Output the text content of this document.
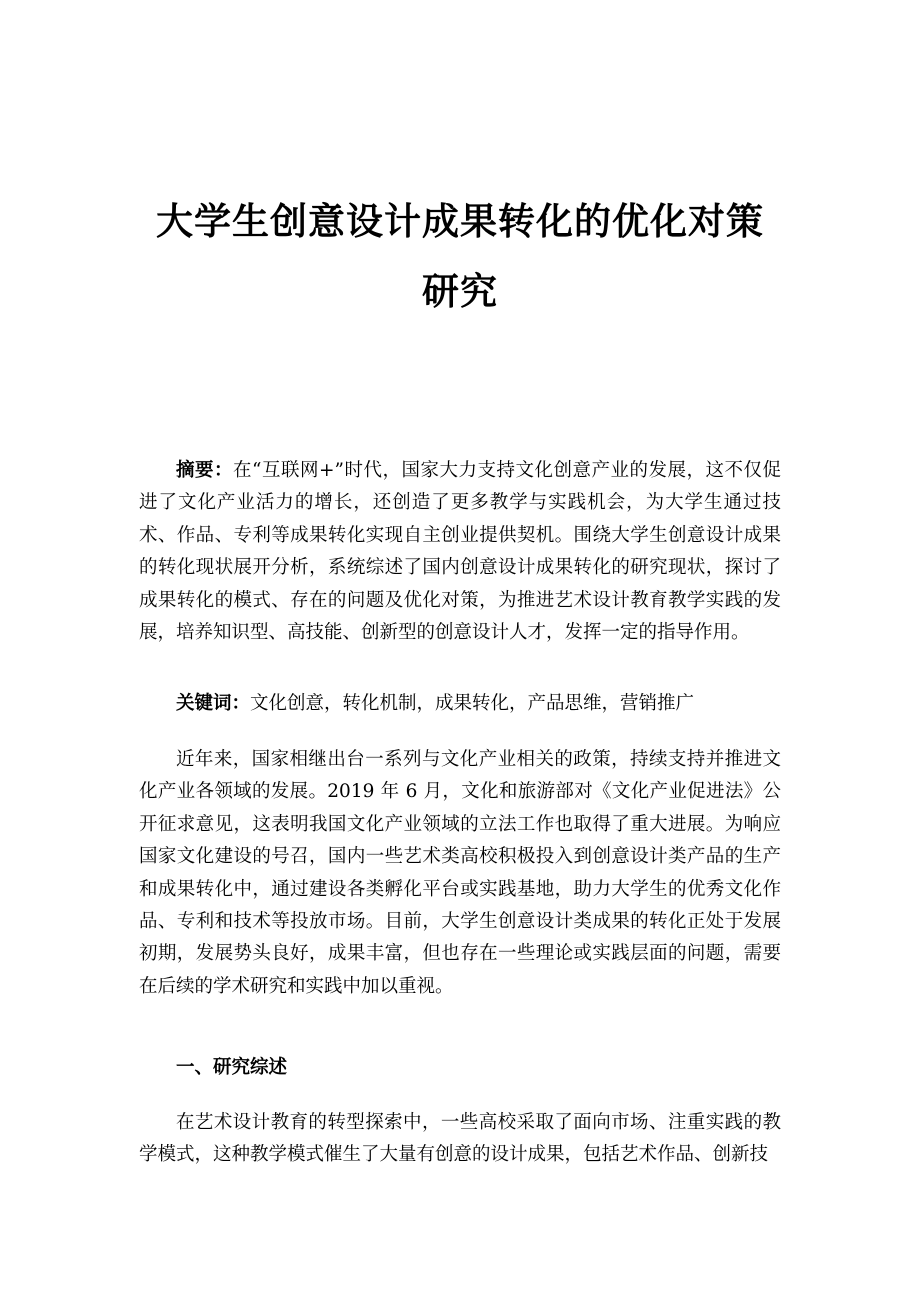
大学生创意设计成果转化的优化对策研究
摘要：在“互联网+”时代，国家大力支持文化创意产业的发展，这不仅促进了文化产业活力的增长，还创造了更多教学与实践机会，为大学生通过技术、作品、专利等成果转化实现自主创业提供契机。围绕大学生创意设计成果的转化现状展开分析，系统综述了国内创意设计成果转化的研究现状，探讨了成果转化的模式、存在的问题及优化对策，为推进艺术设计教育教学实践的发展，培养知识型、高技能、创新型的创意设计人才，发挥一定的指导作用。
关键词：文化创意，转化机制，成果转化，产品思维，营销推广
近年来，国家相继出台一系列与文化产业相关的政策，持续支持并推进文化产业各领域的发展。2019 年 6 月，文化和旅游部对《文化产业促进法》公开征求意见，这表明我国文化产业领域的立法工作也取得了重大进展。为响应国家文化建设的号召，国内一些艺术类高校积极投入到创意设计类产品的生产和成果转化中，通过建设各类孵化平台或实践基地，助力大学生的优秀文化作品、专利和技术等投放市场。目前，大学生创意设计类成果的转化正处于发展初期，发展势头良好，成果丰富，但也存在一些理论或实践层面的问题，需要在后续的学术研究和实践中加以重视。
一、研究综述
在艺术设计教育的转型探索中，一些高校采取了面向市场、注重实践的教学模式，这种教学模式催生了大量有创意的设计成果，包括艺术作品、创新技
